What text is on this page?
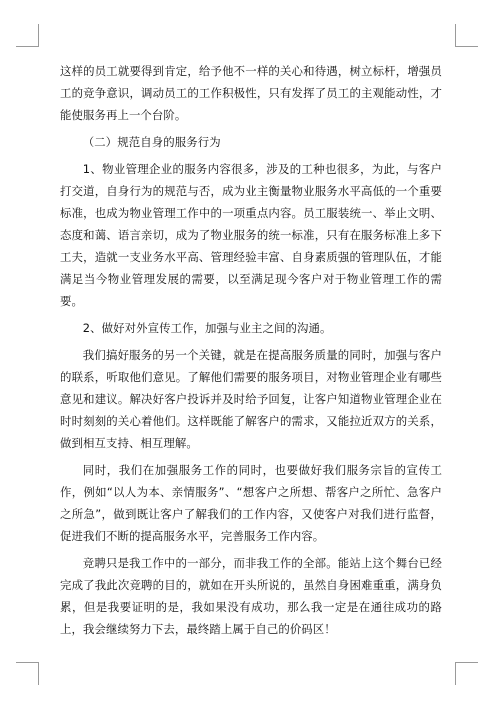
这样的员工就要得到肯定，给予他不一样的关心和待遇，树立标杆，增强员工的竞争意识，调动员工的工作积极性，只有发挥了员工的主观能动性，才能使服务再上一个台阶。

（二）规范自身的服务行为

1、物业管理企业的服务内容很多，涉及的工种也很多，为此，与客户打交道，自身行为的规范与否，成为业主衡量物业服务水平高低的一个重要标准，也成为物业管理工作中的一项重点内容。员工服装统一、举止文明、态度和蔼、语言亲切，成为了物业服务的统一标准，只有在服务标准上多下工夫，造就一支业务水平高、管理经验丰富、自身素质强的管理队伍，才能满足当今物业管理发展的需要，以至满足现今客户对于物业管理工作的需要。

2、做好对外宣传工作，加强与业主之间的沟通。

我们搞好服务的另一个关键，就是在提高服务质量的同时，加强与客户的联系，听取他们意见。了解他们需要的服务项目，对物业管理企业有哪些意见和建议。解决好客户投诉并及时给予回复，让客户知道物业管理企业在时时刻刻的关心着他们。这样既能了解客户的需求，又能拉近双方的关系，做到相互支持、相互理解。

同时，我们在加强服务工作的同时，也要做好我们服务宗旨的宣传工作，例如“以人为本、亲情服务”、“想客户之所想、帮客户之所忙、急客户之所急”，做到既让客户了解我们的工作内容，又使客户对我们进行监督，促进我们不断的提高服务水平，完善服务工作内容。

竞聘只是我工作中的一部分，而非我工作的全部。能站上这个舞台已经完成了我此次竞聘的目的，就如在开头所说的，虽然自身困难重重，满身负累，但是我要证明的是，我如果没有成功，那么我一定是在通往成功的路上，我会继续努力下去，最终踏上属于自己的价码区！
